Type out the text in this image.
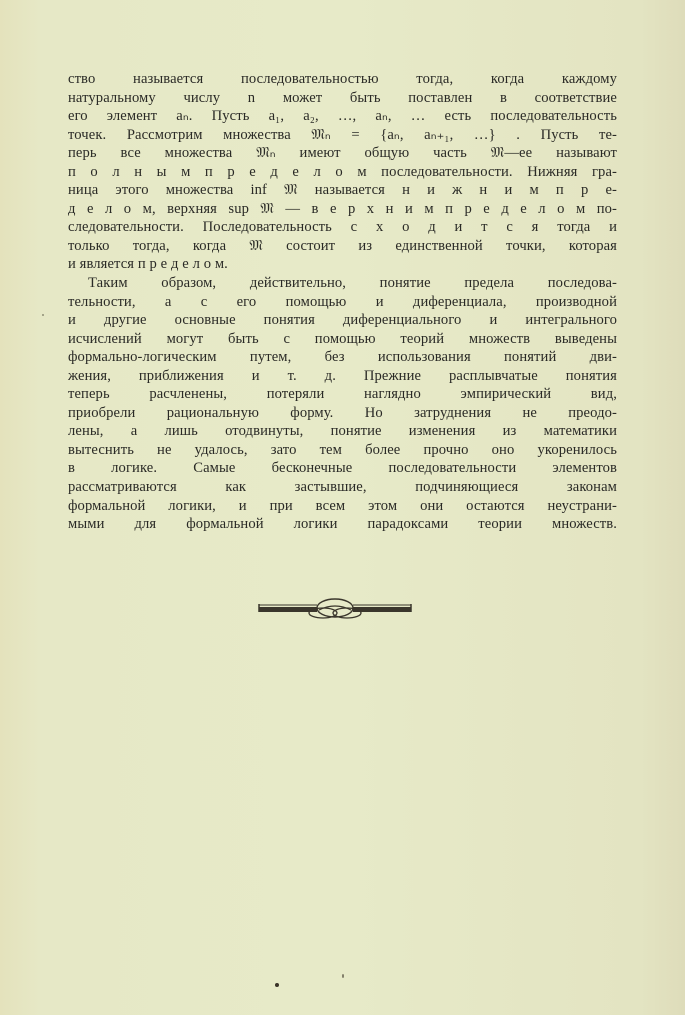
ство называется последовательностью тогда, когда каждому
натуральному числу n может быть поставлен в соответствие
его элемент aₙ. Пусть a₁, a₂, …, aₙ, … есть последовательность
точек. Рассмотрим множества 𝔐ₙ = {aₙ, aₙ₊₁, …} . Пусть те-
перь все множества 𝔐ₙ имеют общую часть 𝔐—ее называют
п о л н ы м п р е д е л о м последовательности. Нижняя гра-
ница этого множества inf 𝔐 называется н и ж н и м п р е-
д е л о м, верхняя sup 𝔐 — в е р х н и м п р е д е л о м по-
следовательности. Последовательность с х о д и т с я тогда и
только тогда, когда 𝔐 состоит из единственной точки, которая
и является п р е д е л о м.
Таким образом, действительно, понятие предела последова-
тельности, а с его помощью и диференциала, производной
и другие основные понятия диференциального и интегрального
исчислений могут быть с помощью теорий множеств выведены
формально-логическим путем, без использования понятий дви-
жения, приближения и т. д. Прежние расплывчатые понятия
теперь расчленены, потеряли наглядно эмпирический вид,
приобрели рациональную форму. Но затруднения не преодо-
лены, а лишь отодвинуты, понятие изменения из математики
вытеснить не удалось, зато тем более прочно оно укоренилось
в логике. Самые бесконечные последовательности элементов
рассматриваются как застывшие, подчиняющиеся законам
формальной логики, и при всем этом они остаются неустрани-
мыми для формальной логики парадоксами теории множеств.
